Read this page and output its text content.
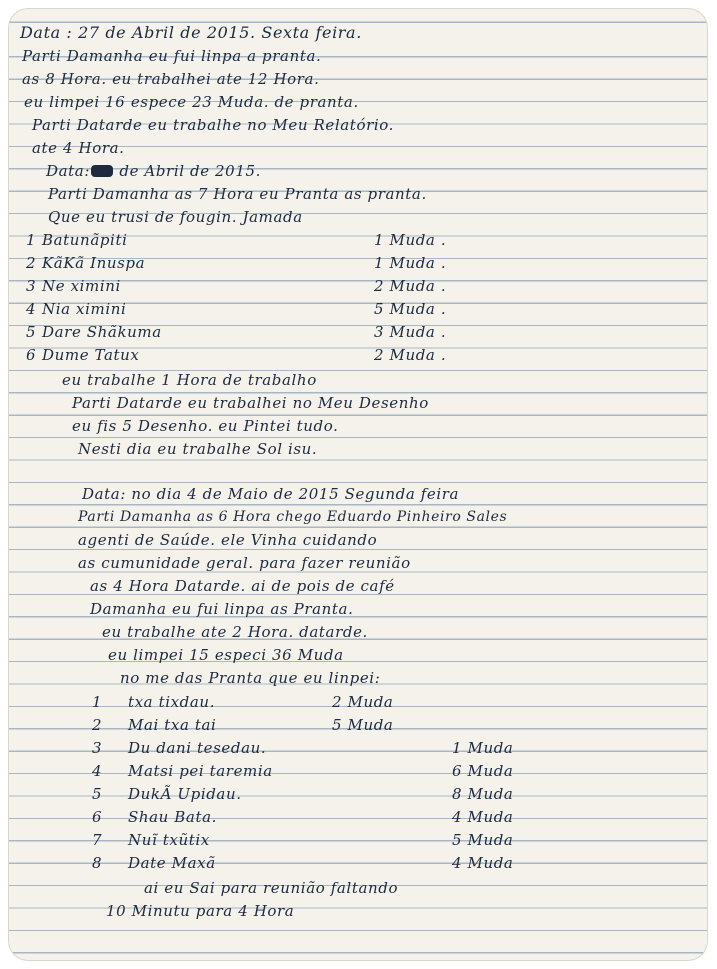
Data : 27 de Abril de 2015. Sexta feira.
Parti Damanha eu fui linpa a pranta.
as 8 Hora. eu trabalhei ate 12 Hora.
eu limpei 16 espece 23 Muda. de pranta.
Parti Datarde eu trabalhe no Meu Relatório.
ate 4 Hora.
Data: de Abril de 2015.
Parti Damanha as 7 Hora eu Pranta as pranta.
Que eu trusi de fougin. Jamada
1 Batunãpiti	1 Muda .
2 KãKã Inuspa	1 Muda .
3 Ne ximini	2 Muda .
4 Nia ximini	5 Muda .
5 Dare Shãkuma	3 Muda .
6 Dume Tatux	2 Muda .
eu trabalhe 1 Hora de trabalho
Parti Datarde eu trabalhei no Meu Desenho
eu fis 5 Desenho. eu Pintei tudo.
Nesti dia eu trabalhe Sol isu.
Data: no dia 4 de Maio de 2015 Segunda feira
Parti Damanha as 6 Hora chego Eduardo Pinheiro Sales
agenti de Saúde. ele Vinha cuidando
as cumunidade geral. para fazer reunião
as 4 Hora Datarde. ai de pois de café
Damanha eu fui linpa as Pranta.
eu trabalhe ate 2 Hora. datarde.
eu limpei 15 especi 36 Muda
no me das Pranta que eu linpei:
1 txa tixdau.	2 Muda
2 Mai txa tai	5 Muda
3 Du dani tesedau.	1 Muda
4 Matsi pei taremia	6 Muda
5 DukÃ Upidau.	8 Muda
6 Shau Bata.	4 Muda
7 Nuĩ txũtix	5 Muda
8 Date Maxã	4 Muda
ai eu Sai para reunião faltando
10 Minutu para 4 Hora
